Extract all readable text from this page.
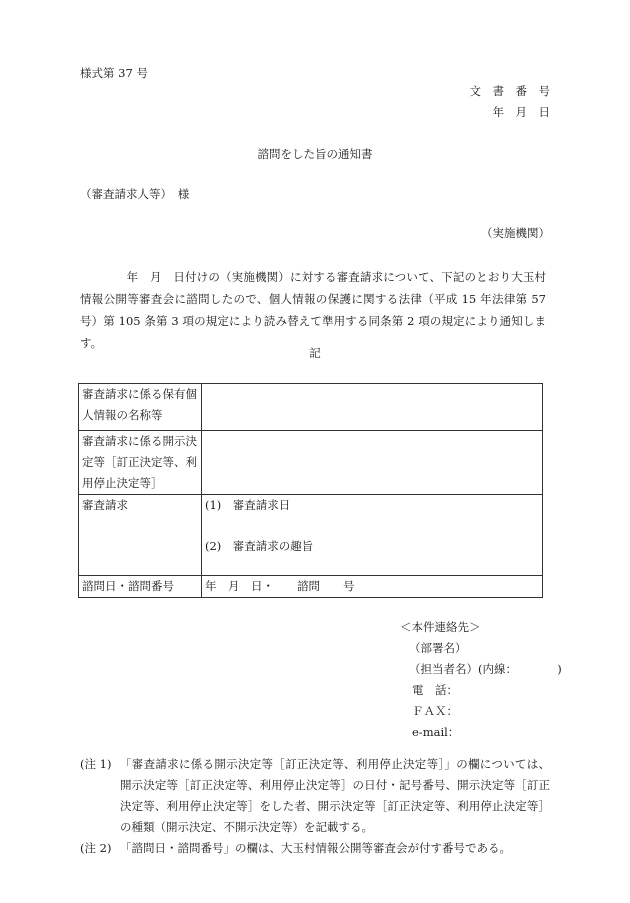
様式第 37 号
文　書　番　号
年　月　日
諮問をした旨の通知書
（審査請求人等）　様
（実施機関）

　　　　年　月　日付けの（実施機関）に対する審査請求について、下記のとおり大玉村情報公開等審査会に諮問したので、個人情報の保護に関する法律（平成 15 年法律第 57 号）第 105 条第 3 項の規定により読み替えて準用する同条第 2 項の規定により通知します。

記
審査請求に係る保有個人情報の名称等	
審査請求に係る開示決定等［訂正決定等、利用停止決定等］	
審査請求	(1)　審査請求日
(2)　審査請求の趣旨

諮問日・諮問番号	年　月　日・　　諮問　　号
＜本件連絡先＞
（部署名）
（担当者名）(内線：　　　　)
電　話：
ＦＡＸ：
e-mail：
(注 1) 「審査請求に係る開示決定等［訂正決定等、利用停止決定等］」の欄については、開示決定等［訂正決定等、利用停止決定等］の日付・記号番号、開示決定等［訂正決定等、利用停止決定等］をした者、開示決定等［訂正決定等、利用停止決定等］の種類（開示決定、不開示決定等）を記載する。
(注 2) 「諮問日・諮問番号」の欄は、大玉村情報公開等審査会が付す番号である。
